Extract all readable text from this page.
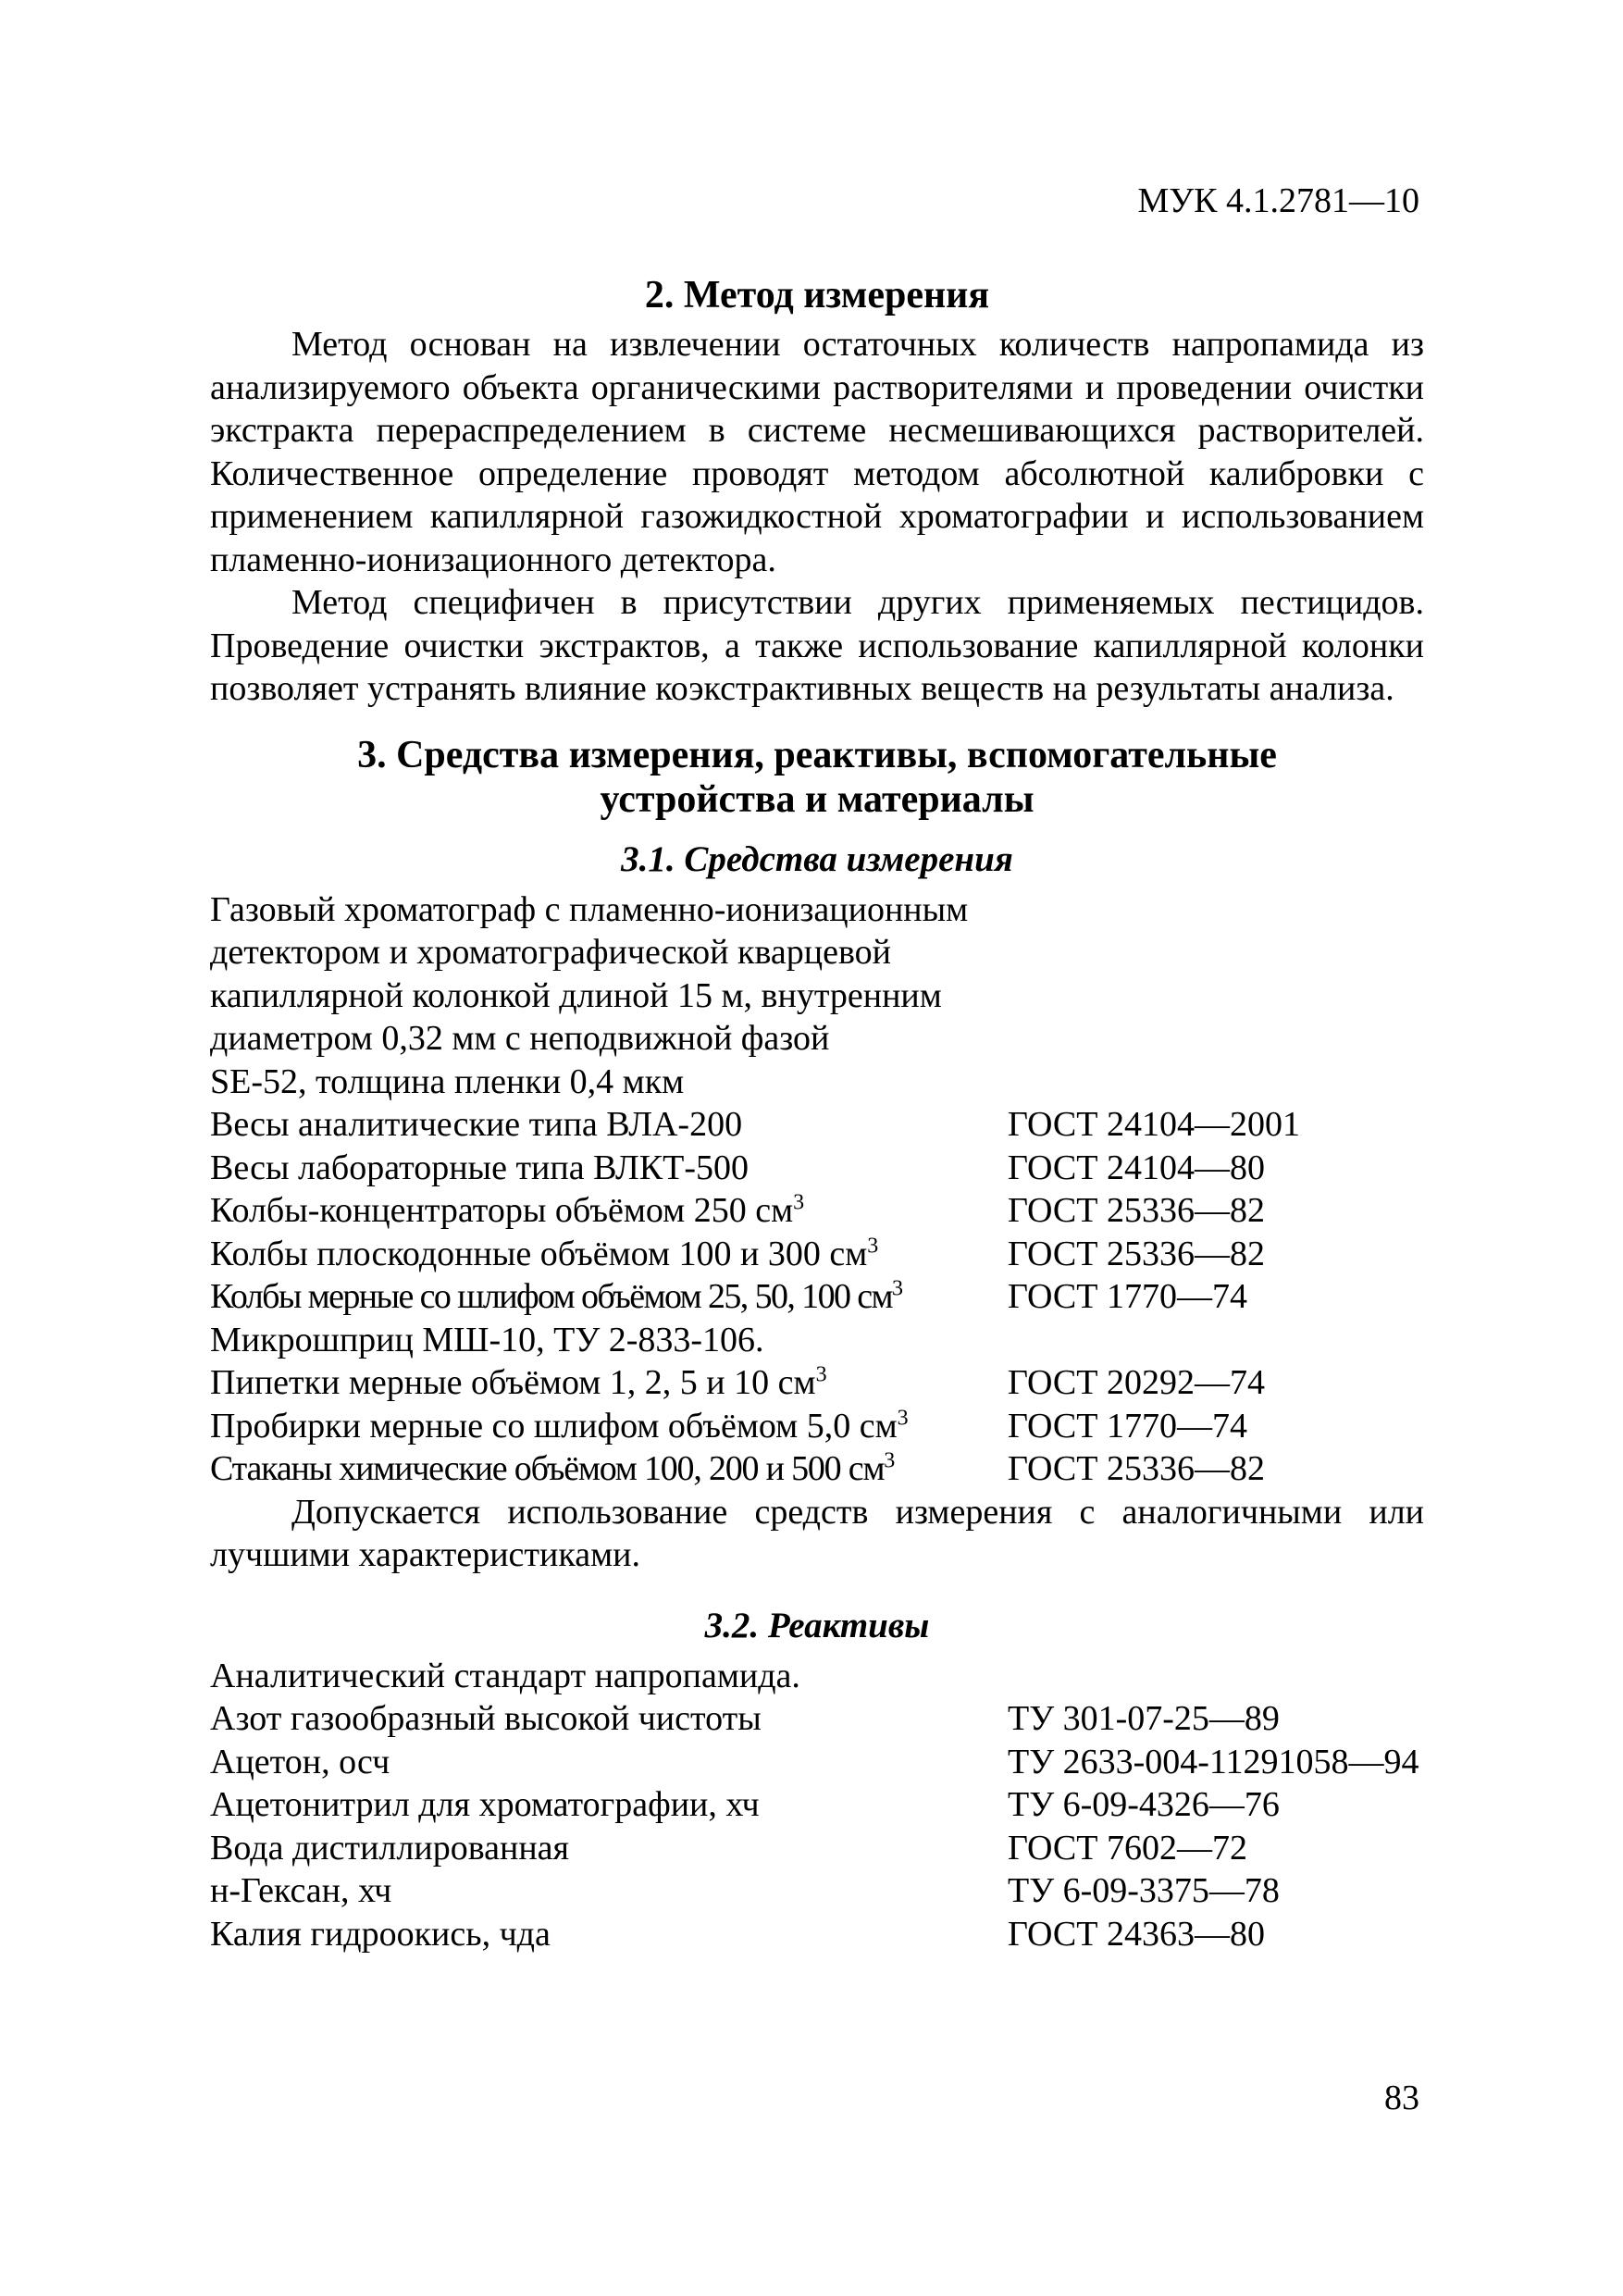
МУК 4.1.2781—10
2. Метод измерения

Метод основан на извлечении остаточных количеств напропамида из анализируемого объекта органическими растворителями и проведении очистки экстракта перераспределением в системе несмешивающихся растворителей. Количественное определение проводят методом абсолютной калибровки с применением капиллярной газожидкостной хроматографии и использованием пламенно-ионизационного детектора.

Метод специфичен в присутствии других применяемых пестицидов. Проведение очистки экстрактов, а также использование капиллярной колонки позволяет устранять влияние коэкстрактивных веществ на результаты анализа.

3. Средства измерения, реактивы, вспомогательные
устройства и материалы
3.1. Средства измерения
Газовый хроматограф с пламенно-ионизационным
детектором и хроматографической кварцевой
капиллярной колонкой длиной 15 м, внутренним
диаметром 0,32 мм с неподвижной фазой
SE-52, толщина пленки 0,4 мкм
Весы аналитические типа ВЛА-200	ГОСТ 24104—2001
Весы лабораторные типа ВЛКТ-500	ГОСТ 24104—80
Колбы-концентраторы объёмом 250 $см^3$	ГОСТ 25336—82
Колбы плоскодонные объёмом 100 и 300 $см^3$	ГОСТ 25336—82
Колбы мерные со шлифом объёмом 25, 50, 100 $см^3$	ГОСТ 1770—74
Микрошприц МШ-10, ТУ 2-833-106.
Пипетки мерные объёмом 1, 2, 5 и 10 $см^3$	ГОСТ 20292—74
Пробирки мерные со шлифом объёмом 5,0 $см^3$	ГОСТ 1770—74
Стаканы химические объёмом 100, 200 и 500 $см^3$	ГОСТ 25336—82

Допускается использование средств измерения с аналогичными или лучшими характеристиками.

3.2. Реактивы
Аналитический стандарт напропамида.
Азот газообразный высокой чистоты	ТУ 301-07-25—89
Ацетон, осч	ТУ 2633-004-11291058—94
Ацетонитрил для хроматографии, хч	ТУ 6-09-4326—76
Вода дистиллированная	ГОСТ 7602—72
н-Гексан, хч	ТУ 6-09-3375—78
Калия гидроокись, чда	ГОСТ 24363—80
83
